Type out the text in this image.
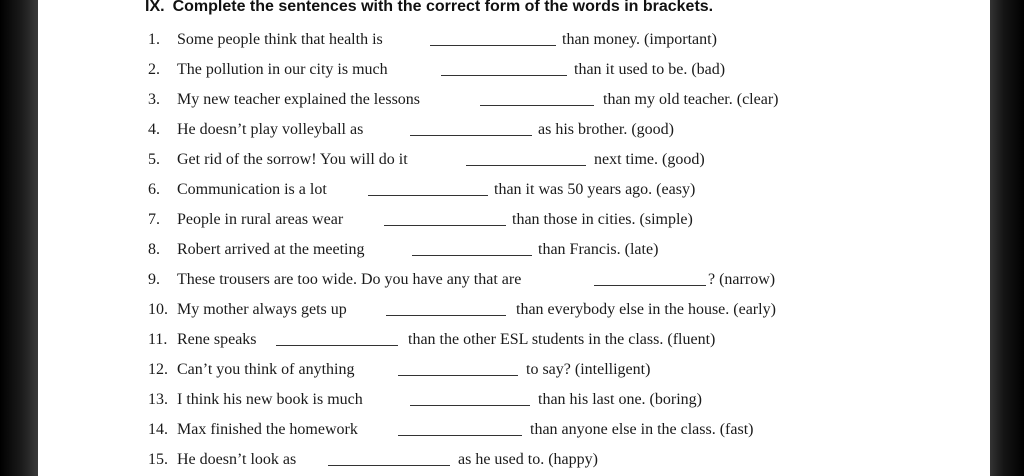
IX. Complete the sentences with the correct form of the words in brackets.
1. Some people think that health is	than money. (important)
2. The pollution in our city is much	than it used to be. (bad)
3. My new teacher explained the lessons	than my old teacher. (clear)
4. He doesn’t play volleyball as	as his brother. (good)
5. Get rid of the sorrow! You will do it	next time. (good)
6. Communication is a lot	than it was 50 years ago. (easy)
7. People in rural areas wear	than those in cities. (simple)
8. Robert arrived at the meeting	than Francis. (late)
9. These trousers are too wide. Do you have any that are	? (narrow)
10. My mother always gets up	than everybody else in the house. (early)
11. Rene speaks	than the other ESL students in the class. (fluent)
12. Can’t you think of anything	to say? (intelligent)
13. I think his new book is much	than his last one. (boring)
14. Max finished the homework	than anyone else in the class. (fast)
15. He doesn’t look as	as he used to. (happy)
